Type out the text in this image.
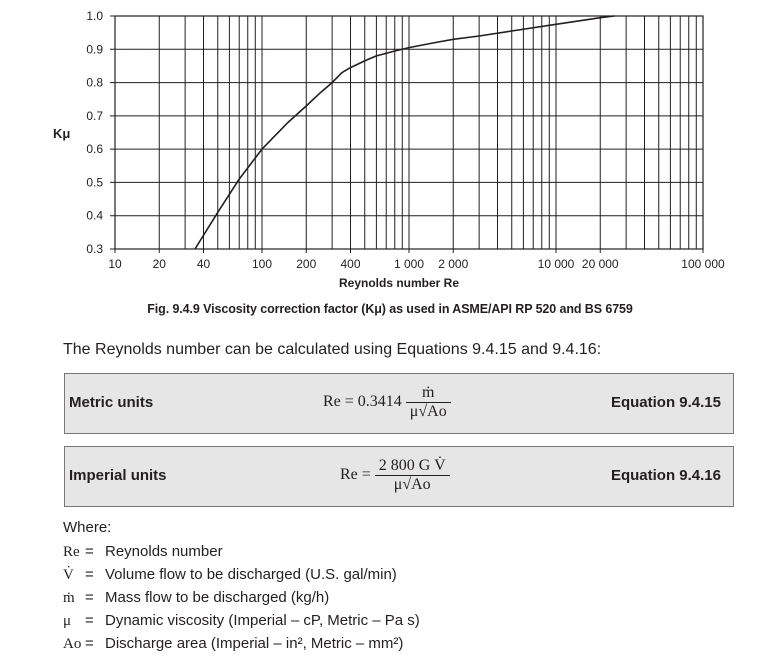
10	20	40	100 200 400	1 000 2 000	10 000 20 000	100 000
1.0
0.9
0.8
0.7
0.6
0.5
0.4
0.3
Kμ
Reynolds number Re
Fig. 9.4.9 Viscosity correction factor (Kμ) as used in ASME/API RP 520 and BS 6759
The Reynolds number can be calculated using Equations 9.4.15 and 9.4.16:
Metric units	$Re = 0.3414 \frac{\text{ṁ}}{\mu√Ao}$	Equation 9.4.15
Imperial units	$Re = \frac{\text{2 800 G V̇}}{\mu√Ao}$	Equation 9.4.16
Where:
Re = Reynolds number
V̇ = Volume flow to be discharged (U.S. gal/min)
ṁ = Mass flow to be discharged (kg/h)
μ = Dynamic viscosity (Imperial – cP, Metric – Pa s)
Ao = Discharge area (Imperial – in², Metric – mm²)
